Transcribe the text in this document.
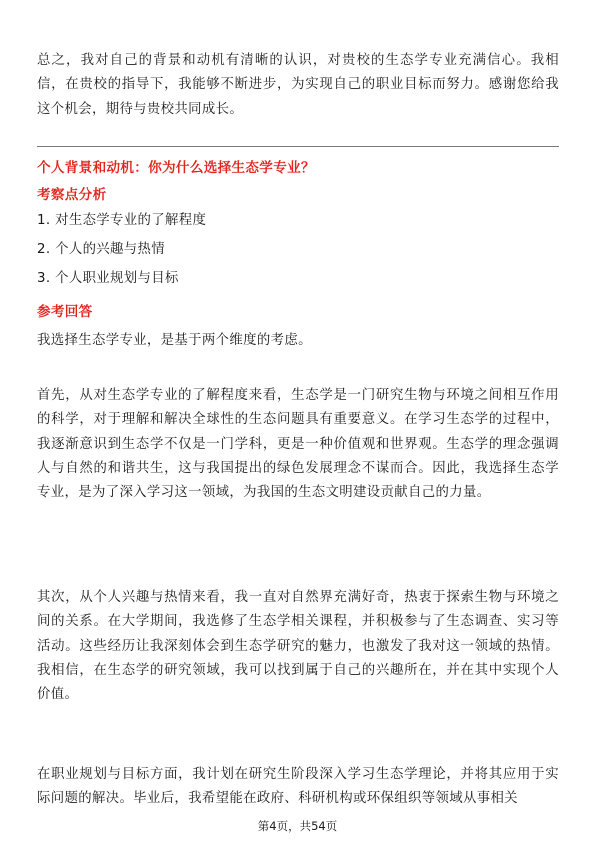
总之，我对自己的背景和动机有清晰的认识，对贵校的生态学专业充满信心。我相信，在贵校的指导下，我能够不断进步，为实现自己的职业目标而努力。感谢您给我这个机会，期待与贵校共同成长。

个人背景和动机：你为什么选择生态学专业？
考察点分析

1. 对生态学专业的了解程度

2. 个人的兴趣与热情

3. 个人职业规划与目标

参考回答

我选择生态学专业，是基于两个维度的考虑。

首先，从对生态学专业的了解程度来看，生态学是一门研究生物与环境之间相互作用的科学，对于理解和解决全球性的生态问题具有重要意义。在学习生态学的过程中，我逐渐意识到生态学不仅是一门学科，更是一种价值观和世界观。生态学的理念强调人与自然的和谐共生，这与我国提出的绿色发展理念不谋而合。因此，我选择生态学专业，是为了深入学习这一领域，为我国的生态文明建设贡献自己的力量。

其次，从个人兴趣与热情来看，我一直对自然界充满好奇，热衷于探索生物与环境之间的关系。在大学期间，我选修了生态学相关课程，并积极参与了生态调查、实习等活动。这些经历让我深刻体会到生态学研究的魅力，也激发了我对这一领域的热情。我相信，在生态学的研究领域，我可以找到属于自己的兴趣所在，并在其中实现个人价值。

在职业规划与目标方面，我计划在研究生阶段深入学习生态学理论，并将其应用于实际问题的解决。毕业后，我希望能在政府、科研机构或环保组织等领域从事相关

第4页，共54页
